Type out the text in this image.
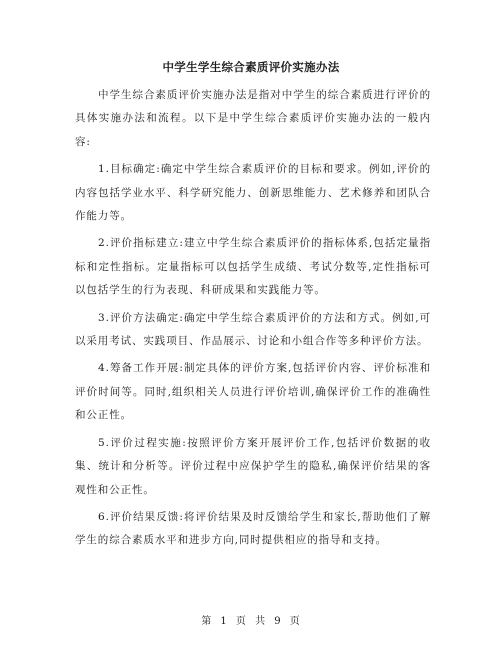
中学生学生综合素质评价实施办法

中学生综合素质评价实施办法是指对中学生的综合素质进行评价的具体实施办法和流程。以下是中学生综合素质评价实施办法的一般内容:

1.目标确定:确定中学生综合素质评价的目标和要求。例如,评价的内容包括学业水平、科学研究能力、创新思维能力、艺术修养和团队合作能力等。

2.评价指标建立:建立中学生综合素质评价的指标体系,包括定量指标和定性指标。定量指标可以包括学生成绩、考试分数等,定性指标可以包括学生的行为表现、科研成果和实践能力等。

3.评价方法确定:确定中学生综合素质评价的方法和方式。例如,可以采用考试、实践项目、作品展示、讨论和小组合作等多种评价方法。

4.筹备工作开展:制定具体的评价方案,包括评价内容、评价标准和评价时间等。同时,组织相关人员进行评价培训,确保评价工作的准确性和公正性。

5.评价过程实施:按照评价方案开展评价工作,包括评价数据的收集、统计和分析等。评价过程中应保护学生的隐私,确保评价结果的客观性和公正性。

6.评价结果反馈:将评价结果及时反馈给学生和家长,帮助他们了解学生的综合素质水平和进步方向,同时提供相应的指导和支持。

第 1 页 共 9 页
